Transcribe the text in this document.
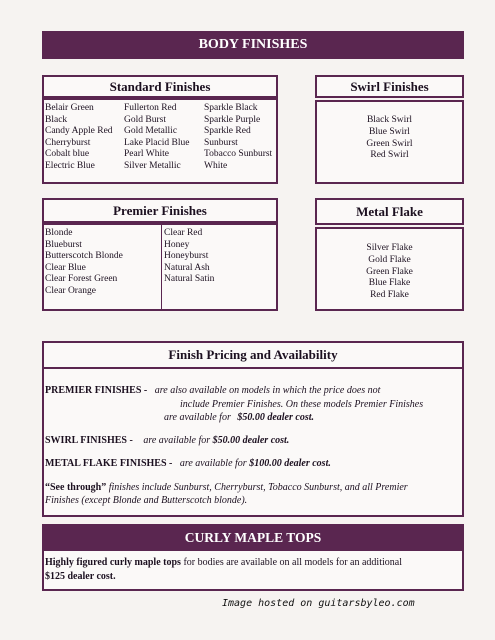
BODY FINISHES
Standard Finishes
Belair Green
Black
Candy Apple Red
Cherryburst
Cobalt blue
Electric Blue
Fullerton Red
Gold Burst
Gold Metallic
Lake Placid Blue
Pearl White
Silver Metallic
Sparkle Black
Sparkle Purple
Sparkle Red
Sunburst
Tobacco Sunburst
White
Swirl Finishes
Black Swirl
Blue Swirl
Green Swirl
Red Swirl
Premier Finishes
Blonde
Blueburst
Butterscotch Blonde
Clear Blue
Clear Forest Green
Clear Orange
Clear Red
Honey
Honeyburst
Natural Ash
Natural Satin
Metal Flake
Silver Flake
Gold Flake
Green Flake
Blue Flake
Red Flake
Finish Pricing and Availability
PREMIER FINISHES - are also available on models in which the price does not
include Premier Finishes. On these models Premier Finishes
are available for $50.00 dealer cost.
SWIRL FINISHES - are available for $50.00 dealer cost.
METAL FLAKE FINISHES - are available for $100.00 dealer cost.
“See through” finishes include Sunburst, Cherryburst, Tobacco Sunburst, and all Premier
Finishes (except Blonde and Butterscotch blonde).
CURLY MAPLE TOPS
Highly figured curly maple tops for bodies are available on all models for an additional
$125 dealer cost.
Image hosted on guitarsbyleo.com
